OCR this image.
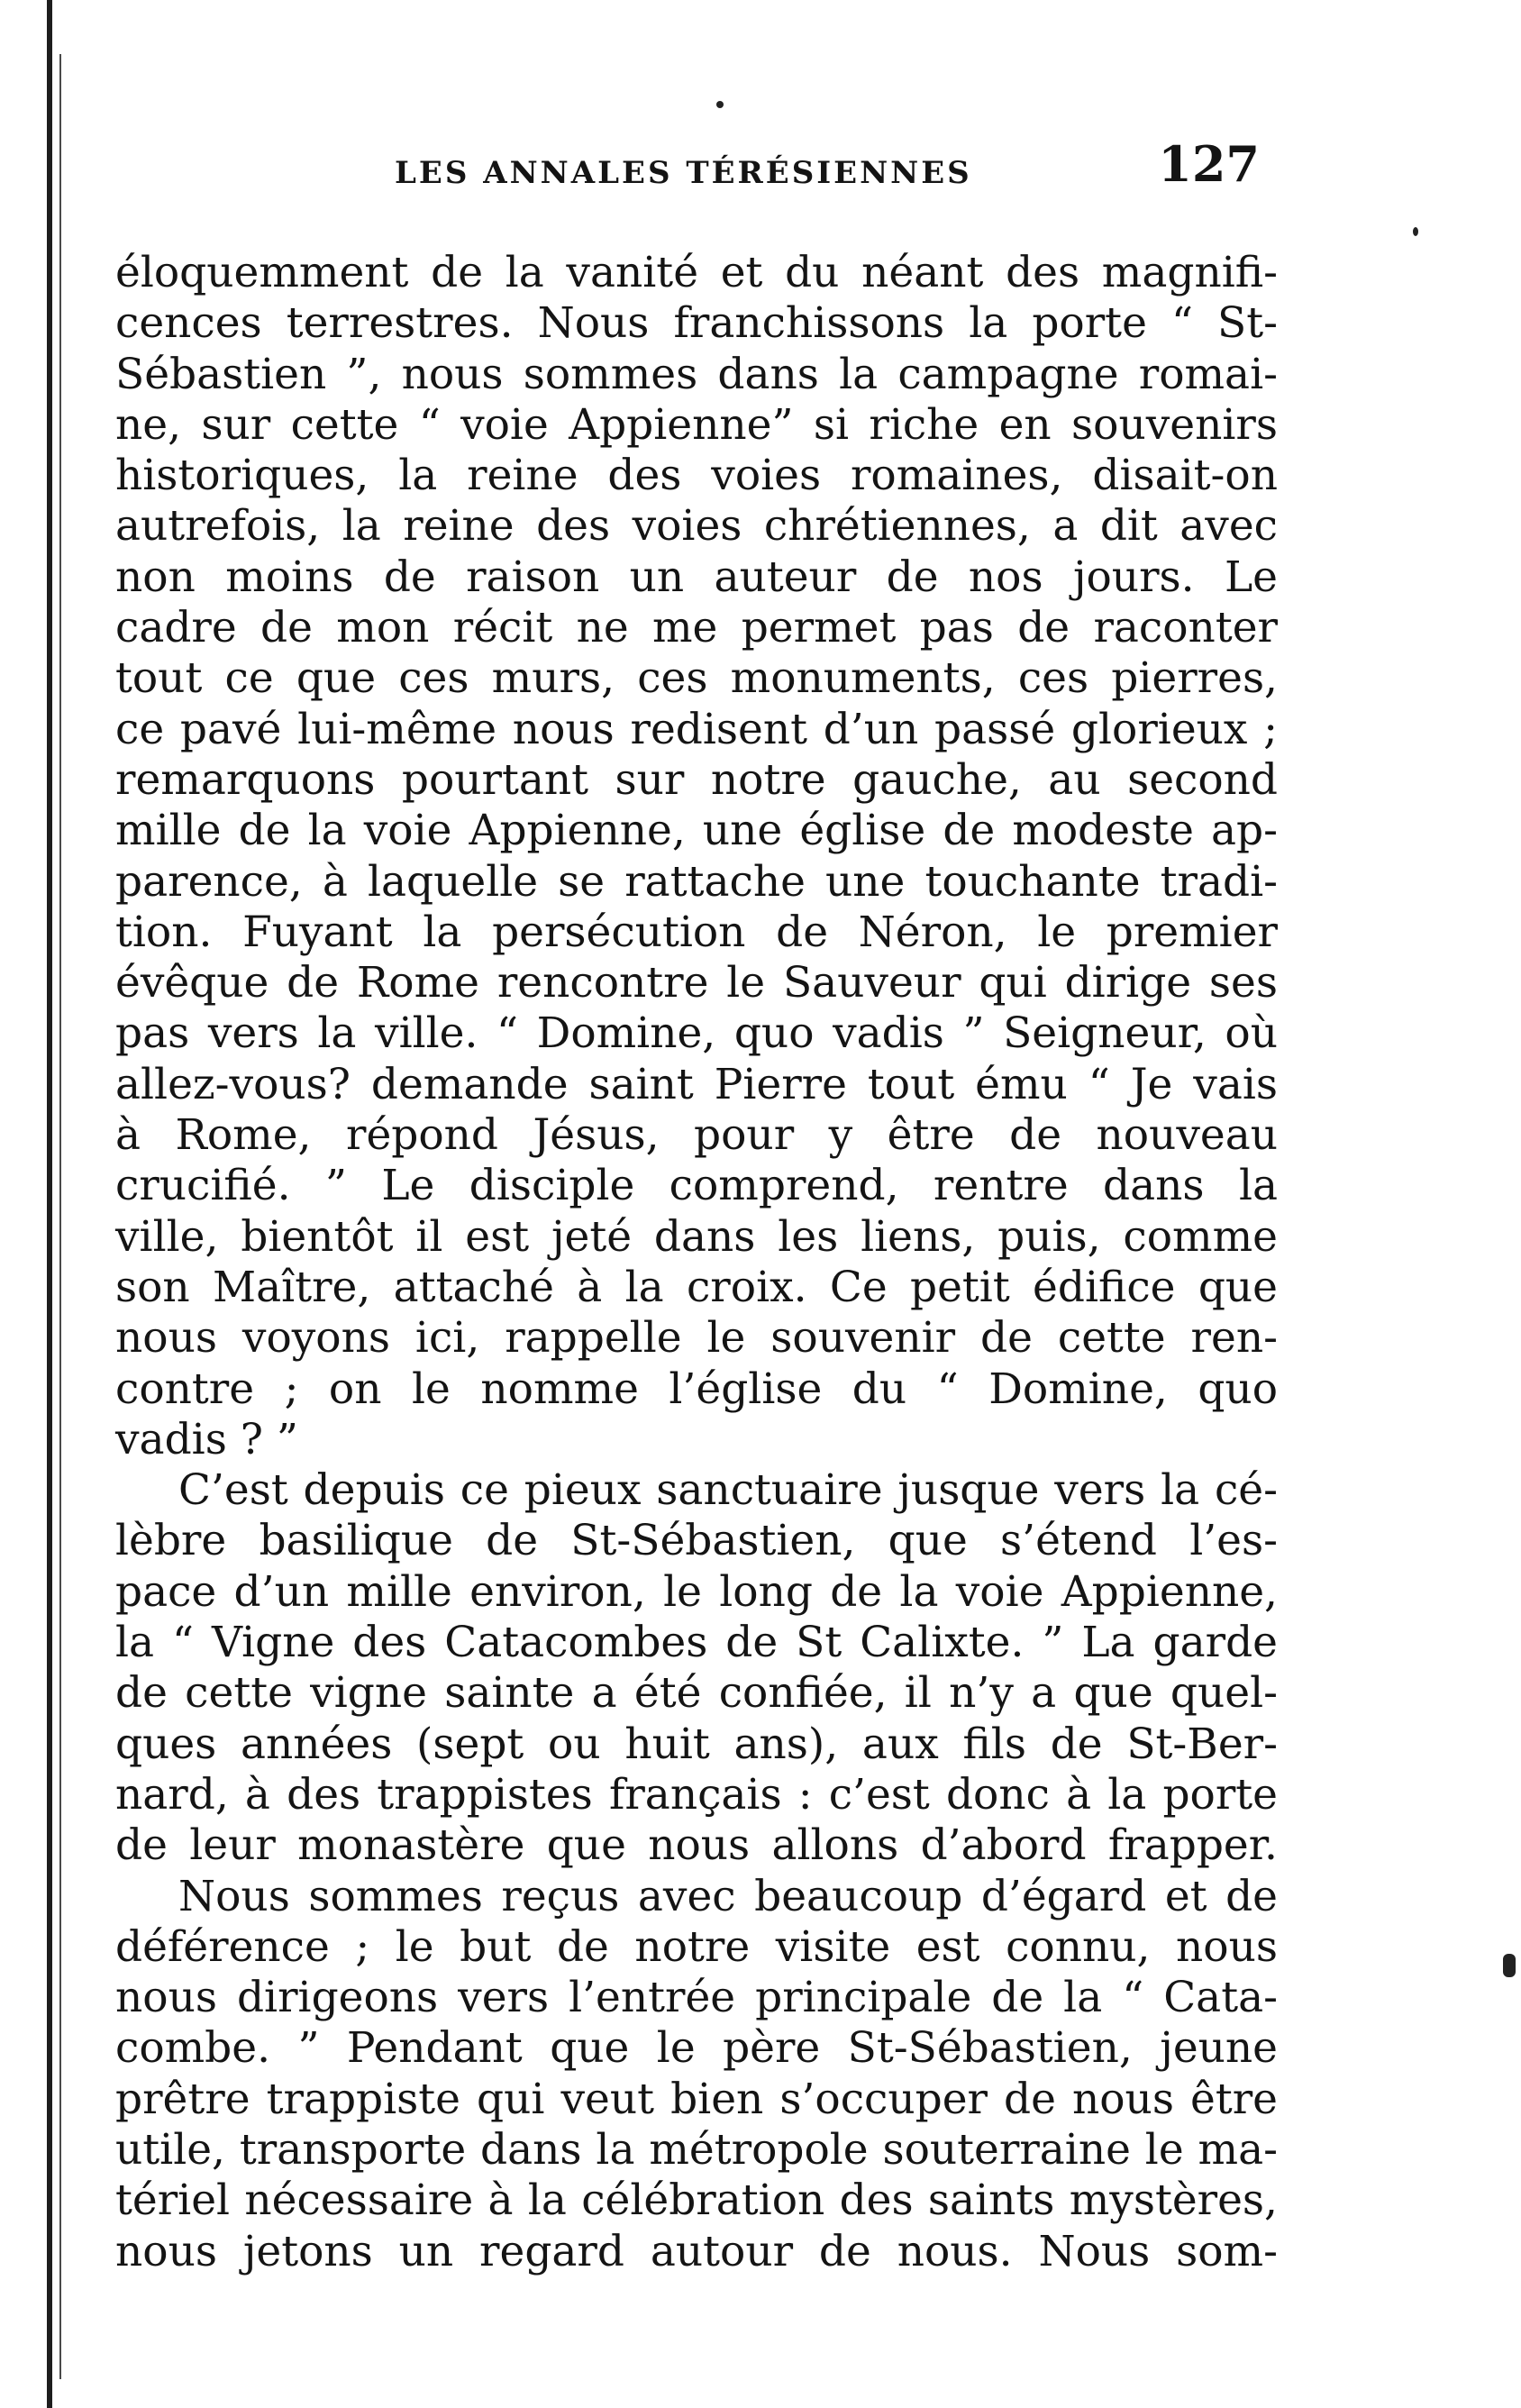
LES ANNALES TÉRÉSIENNES	127
éloquemment de la vanité et du néant des magnifi-
cences terrestres. Nous franchissons la porte “ St-
Sébastien ”, nous sommes dans la campagne romai-
ne, sur cette “ voie Appienne” si riche en souvenirs
historiques, la reine des voies romaines, disait-on
autrefois, la reine des voies chrétiennes, a dit avec
non moins de raison un auteur de nos jours. Le
cadre de mon récit ne me permet pas de raconter
tout ce que ces murs, ces monuments, ces pierres,
ce pavé lui-même nous redisent d’un passé glorieux ;
remarquons pourtant sur notre gauche, au second
mille de la voie Appienne, une église de modeste ap-
parence, à laquelle se rattache une touchante tradi-
tion. Fuyant la persécution de Néron, le premier
évêque de Rome rencontre le Sauveur qui dirige ses
pas vers la ville. “ Domine, quo vadis ” Seigneur, où
allez-vous? demande saint Pierre tout ému “ Je vais
à Rome, répond Jésus, pour y être de nouveau
crucifié. ” Le disciple comprend, rentre dans la
ville, bientôt il est jeté dans les liens, puis, comme
son Maître, attaché à la croix. Ce petit édifice que
nous voyons ici, rappelle le souvenir de cette ren-
contre ; on le nomme l’église du “ Domine, quo
vadis ? ”
C’est depuis ce pieux sanctuaire jusque vers la cé-
lèbre basilique de St-Sébastien, que s’étend l’es-
pace d’un mille environ, le long de la voie Appienne,
la “ Vigne des Catacombes de St Calixte. ” La garde
de cette vigne sainte a été confiée, il n’y a que quel-
ques années (sept ou huit ans), aux fils de St-Ber-
nard, à des trappistes français : c’est donc à la porte
de leur monastère que nous allons d’abord frapper.
Nous sommes reçus avec beaucoup d’égard et de
déférence ; le but de notre visite est connu, nous
nous dirigeons vers l’entrée principale de la “ Cata-
combe. ” Pendant que le père St-Sébastien, jeune
prêtre trappiste qui veut bien s’occuper de nous être
utile, transporte dans la métropole souterraine le ma-
tériel nécessaire à la célébration des saints mystères,
nous jetons un regard autour de nous. Nous som-
